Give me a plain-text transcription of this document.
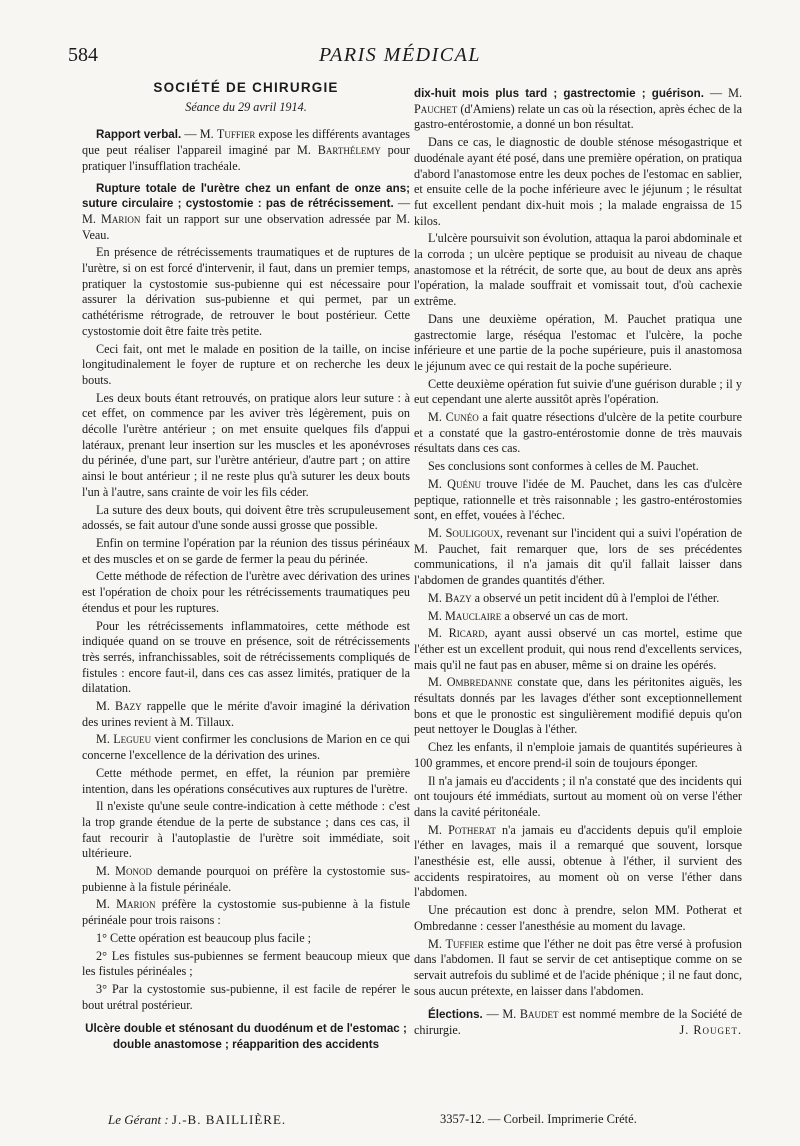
584	PARIS MÉDICAL
SOCIÉTÉ DE CHIRURGIE
Séance du 29 avril 1914.

Rapport verbal. — M. Tuffier expose les différents avantages que peut réaliser l'appareil imaginé par M. Barthélemy pour pratiquer l'insufflation trachéale.

Rupture totale de l'urètre chez un enfant de onze ans; suture circulaire ; cystostomie : pas de rétrécissement. — M. Marion fait un rapport sur une observation adressée par M. Veau.

En présence de rétrécissements traumatiques et de ruptures de l'urètre, si on est forcé d'intervenir, il faut, dans un premier temps, pratiquer la cystostomie sus-pubienne qui est nécessaire pour assurer la dérivation sus-pubienne et qui permet, par un cathétérisme rétrograde, de retrouver le bout postérieur. Cette cystostomie doit être faite très petite.

Ceci fait, ont met le malade en position de la taille, on incise longitudinalement le foyer de rupture et on recherche les deux bouts.

Les deux bouts étant retrouvés, on pratique alors leur suture : à cet effet, on commence par les aviver très légèrement, puis on décolle l'urètre antérieur ; on met ensuite quelques fils d'appui latéraux, prenant leur insertion sur les muscles et les aponévroses du périnée, d'une part, sur l'urètre antérieur, d'autre part ; on attire ainsi le bout antérieur ; il ne reste plus qu'à suturer les deux bouts l'un à l'autre, sans crainte de voir les fils céder.

La suture des deux bouts, qui doivent être très scrupuleusement adossés, se fait autour d'une sonde aussi grosse que possible.

Enfin on termine l'opération par la réunion des tissus périnéaux et des muscles et on se garde de fermer la peau du périnée.

Cette méthode de réfection de l'urètre avec dérivation des urines est l'opération de choix pour les rétrécissements traumatiques peu étendus et pour les ruptures.

Pour les rétrécissements inflammatoires, cette méthode est indiquée quand on se trouve en présence, soit de rétrécissements très serrés, infranchissables, soit de rétrécissements compliqués de fistules : encore faut-il, dans ces cas assez limités, pratiquer de la dilatation.

M. Bazy rappelle que le mérite d'avoir imaginé la dérivation des urines revient à M. Tillaux.

M. Legueu vient confirmer les conclusions de Marion en ce qui concerne l'excellence de la dérivation des urines.

Cette méthode permet, en effet, la réunion par première intention, dans les opérations consécutives aux ruptures de l'urètre.

Il n'existe qu'une seule contre-indication à cette méthode : c'est la trop grande étendue de la perte de substance ; dans ces cas, il faut recourir à l'autoplastie de l'urètre soit immédiate, soit ultérieure.

M. Monod demande pourquoi on préfère la cystostomie sus-pubienne à la fistule périnéale.

M. Marion préfère la cystostomie sus-pubienne à la fistule périnéale pour trois raisons :

1° Cette opération est beaucoup plus facile ;

2° Les fistules sus-pubiennes se ferment beaucoup mieux que les fistules périnéales ;

3° Par la cystostomie sus-pubienne, il est facile de repérer le bout urétral postérieur.

Ulcère double et sténosant du duodénum et de l'estomac ; double anastomose ; réapparition des accidents

dix-huit mois plus tard ; gastrectomie ; guérison. — M. Pauchet (d'Amiens) relate un cas où la résection, après échec de la gastro-entérostomie, a donné un bon résultat.

Dans ce cas, le diagnostic de double sténose mésogastrique et duodénale ayant été posé, dans une première opération, on pratiqua d'abord l'anastomose entre les deux poches de l'estomac en sablier, et ensuite celle de la poche inférieure avec le jéjunum ; le résultat fut excellent pendant dix-huit mois ; la malade engraissa de 15 kilos.

L'ulcère poursuivit son évolution, attaqua la paroi abdominale et la corroda ; un ulcère peptique se produisit au niveau de chaque anastomose et la rétrécit, de sorte que, au bout de deux ans après l'opération, la malade souffrait et vomissait tout, d'où cachexie extrême.

Dans une deuxième opération, M. Pauchet pratiqua une gastrectomie large, réséqua l'estomac et l'ulcère, la poche inférieure et une partie de la poche supérieure, puis il anastomosa le jéjunum avec ce qui restait de la poche supérieure.

Cette deuxième opération fut suivie d'une guérison durable ; il y eut cependant une alerte aussitôt après l'opération.

M. Cunéo a fait quatre résections d'ulcère de la petite courbure et a constaté que la gastro-entérostomie donne de très mauvais résultats dans ces cas.

Ses conclusions sont conformes à celles de M. Pauchet.

M. Quénu trouve l'idée de M. Pauchet, dans les cas d'ulcère peptique, rationnelle et très raisonnable ; les gastro-entérostomies sont, en effet, vouées à l'échec.

M. Souligoux, revenant sur l'incident qui a suivi l'opération de M. Pauchet, fait remarquer que, lors de ses précédentes communications, il n'a jamais dit qu'il fallait laisser dans l'abdomen de grandes quantités d'éther.

M. Bazy a observé un petit incident dû à l'emploi de l'éther.

M. Mauclaire a observé un cas de mort.

M. Ricard, ayant aussi observé un cas mortel, estime que l'éther est un excellent produit, qui nous rend d'excellents services, mais qu'il ne faut pas en abuser, même si on draine les opérés.

M. Ombredanne constate que, dans les péritonites aiguës, les résultats donnés par les lavages d'éther sont exceptionnellement bons et que le pronostic est singulièrement modifié depuis qu'on peut nettoyer le Douglas à l'éther.

Chez les enfants, il n'emploie jamais de quantités supérieures à 100 grammes, et encore prend-il soin de toujours éponger.

Il n'a jamais eu d'accidents ; il n'a constaté que des incidents qui ont toujours été immédiats, surtout au moment où on verse l'éther dans la cavité péritonéale.

M. Potherat n'a jamais eu d'accidents depuis qu'il emploie l'éther en lavages, mais il a remarqué que souvent, lorsque l'anesthésie est, elle aussi, obtenue à l'éther, il survient des accidents respiratoires, au moment où on verse l'éther dans l'abdomen.

Une précaution est donc à prendre, selon MM. Potherat et Ombredanne : cesser l'anesthésie au moment du lavage.

M. Tuffier estime que l'éther ne doit pas être versé à profusion dans l'abdomen. Il faut se servir de cet antiseptique comme on se servait autrefois du sublimé et de l'acide phénique ; il ne faut donc, sous aucun prétexte, en laisser dans l'abdomen.

Élections. — M. Baudet est nommé membre de la Société de chirurgie.	J. Rouget.

Le Gérant : J.-B. BAILLIÈRE.	3357-12. — Corbeil. Imprimerie Crété.
